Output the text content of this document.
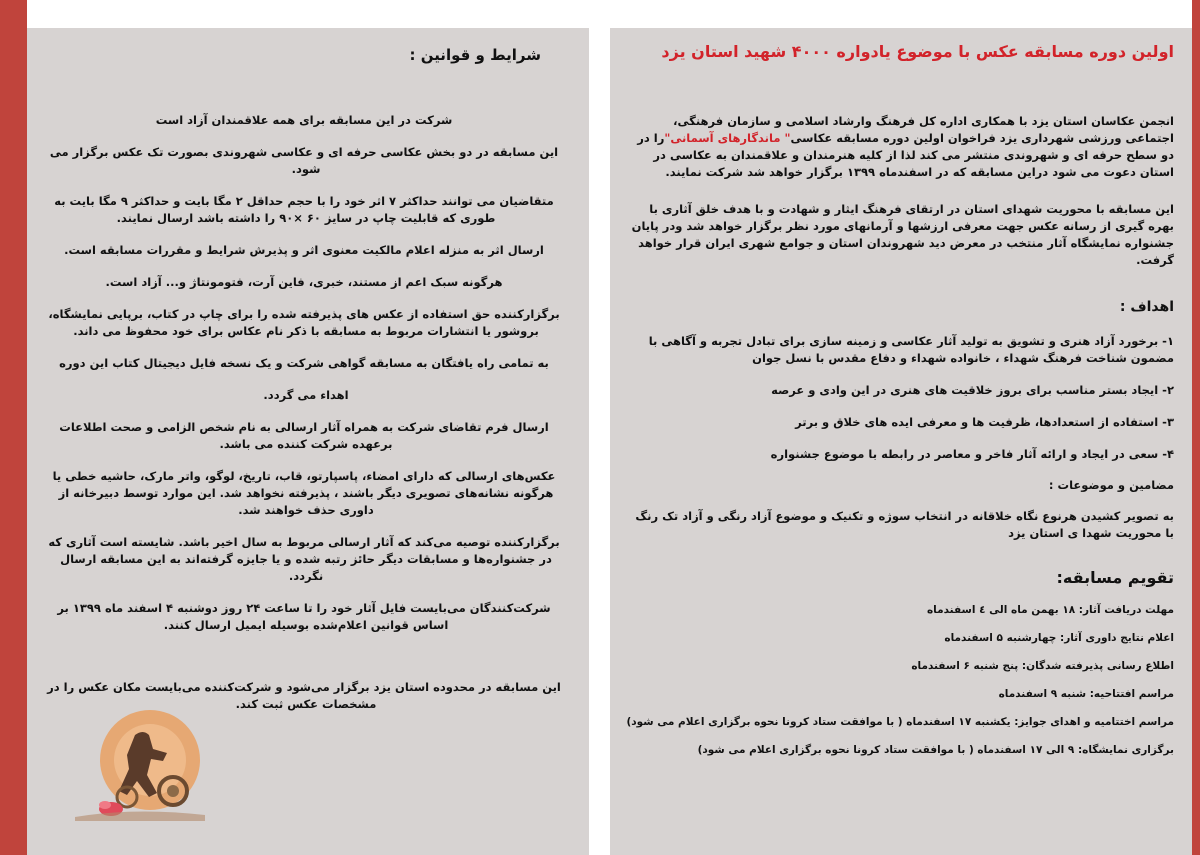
شرایط و قوانین :

شرکت در این مسابقه برای همه علاقمندان آزاد است

این مسابقه در دو بخش عکاسی حرفه ای و عکاسی شهروندی بصورت تک عکس برگزار می شود.

متقاضیان می توانند حداکثر ۷ اثر خود را با حجم حداقل ۲ مگا بایت و حداکثر ۹ مگا بایت به طوری که قابلیت چاپ در سایز ۶۰ ×۹۰ را داشته باشد ارسال نمایند.

ارسال اثر به منزله اعلام مالکیت معنوی اثر و پذیرش شرایط و مقررات مسابقه است.

هرگونه سبک اعم از مستند، خبری، فاین آرت، فتومونتاژ و... آزاد است.

برگزارکننده حق استفاده از عکس های پذیرفته شده را برای چاپ در کتاب، برپایی نمایشگاه، بروشور یا انتشارات مربوط به مسابقه با ذکر نام عکاس برای خود محفوظ می داند.

به تمامی راه یافتگان به مسابقه گواهی شرکت و یک نسخه فایل دیجیتال کتاب این دوره

اهداء می گردد.

ارسال فرم تقاضای شرکت به همراه آثار ارسالی به نام شخص الزامی و صحت اطلاعات برعهده شرکت کننده می باشد.

عکس‌های ارسالی که دارای امضاء، پاسپارتو، قاب، تاریخ، لوگو، واتر مارک، حاشیه خطی یا هرگونه نشانه‌های تصویری دیگر باشند ، پذیرفته نخواهد شد. این موارد توسط دبیرخانه از داوری حذف خواهند شد.

برگزارکننده توصیه می‌کند که آثار ارسالی مربوط به سال اخیر باشد. شایسته است آثاری که در جشنواره‌ها و مسابقات دیگر حائز رتبه شده و یا جایزه گرفته‌اند به این مسابقه ارسال نگردد.

شرکت‌کنندگان می‌بایست فایل آثار خود را تا ساعت ۲۴ روز دوشنبه ۴ اسفند ماه ۱۳۹۹ بر اساس قوانین اعلام‌شده بوسیله ایمیل ارسال کنند.

این مسابقه در محدوده استان یزد برگزار می‌شود و شرکت‌کننده می‌بایست مکان عکس را در مشخصات عکس ثبت کند.

اولین دوره مسابقه عکس با موضوع یادواره ۴۰۰۰ شهید استان یزد

انجمن عکاسان استان یزد با همکاری اداره کل فرهنگ وارشاد اسلامی و سازمان فرهنگی، اجتماعی ورزشی شهرداری یزد فراخوان اولین دوره مسابقه عکاسی" ماندگارهای آسمانی"را در دو سطح حرفه ای و شهروندی منتشر می کند لذا از کلیه هنرمندان و علاقمندان به عکاسی در استان دعوت می شود دراین مسابقه که در اسفندماه ۱۳۹۹ برگزار خواهد شد شرکت نمایند.

این مسابقه با محوریت شهدای استان در ارتقای فرهنگ ایثار و شهادت و با هدف خلق آثاری با بهره گیری از رسانه عکس جهت معرفی ارزشها و آرمانهای مورد نظر برگزار خواهد شد ودر پایان جشنواره نمایشگاه آثار منتخب در معرض دید شهروندان استان و جوامع شهری ایران قرار خواهد گرفت.

اهداف :

۱- برخورد آزاد هنری و تشویق به تولید آثار عکاسی و زمینه سازی برای تبادل تجربه و آگاهی با مضمون شناخت فرهنگ شهداء ، خانواده شهداء و دفاع مقدس با نسل جوان

۲- ایجاد بستر مناسب برای بروز خلاقیت های هنری در این وادی و عرصه

۳- استفاده از استعدادها، ظرفیت ها و معرفی ایده های خلاق و برتر

۴- سعی در ایجاد و ارائه آثار فاخر و معاصر در رابطه با موضوع جشنواره

مضامین و موضوعات :

به تصویر کشیدن هرنوع نگاه خلاقانه در انتخاب سوژه و تکنیک و موضوع آزاد رنگی و آزاد تک رنگ با محوریت شهدا ی استان یزد

تقویم مسابقه:

مهلت دریافت آثار: ۱۸ بهمن ماه الی ٤ اسفندماه

اعلام نتایج داوری آثار: چهارشنبه ۵ اسفندماه

اطلاع رسانی پذیرفته شدگان: پنج شنبه ۶ اسفندماه

مراسم افتتاحیه: شنبه ۹ اسفندماه

مراسم اختتامیه و اهدای جوایز: یکشنبه ۱۷ اسفندماه ( با موافقت ستاد کرونا نحوه برگزاری اعلام می شود)

برگزاری نمایشگاه: ۹ الی ۱۷ اسفندماه ( با موافقت ستاد کرونا نحوه برگزاری اعلام می شود)
